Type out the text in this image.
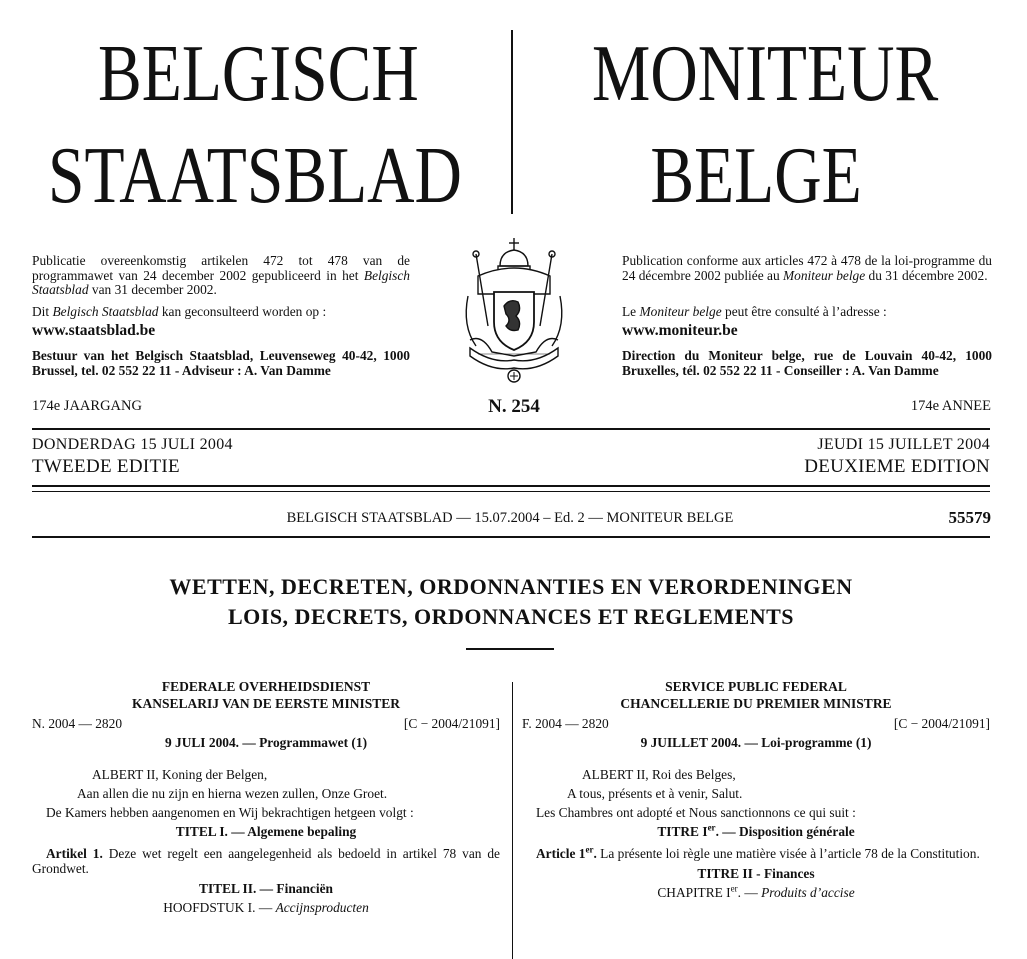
BELGISCH
STAATSBLAD
MONITEUR
BELGE
Publicatie overeenkomstig artikelen 472 tot 478 van de programmawet van 24 december 2002 gepubliceerd in het Belgisch Staatsblad van 31 december 2002.
Dit Belgisch Staatsblad kan geconsulteerd worden op :
www.staatsblad.be
Bestuur van het Belgisch Staatsblad, Leuvenseweg 40-42, 1000 Brussel, tel. 02 552 22 11 - Adviseur : A. Van Damme
174e JAARGANG	N. 254
Publication conforme aux articles 472 à 478 de la loi-programme du 24 décembre 2002 publiée au Moniteur belge du 31 décembre 2002.
Le Moniteur belge peut être consulté à l’adresse :
www.moniteur.be
Direction du Moniteur belge, rue de Louvain 40-42, 1000 Bruxelles, tél. 02 552 22 11 - Conseiller : A. Van Damme
174e ANNEE
DONDERDAG 15 JULI 2004
TWEEDE EDITIE
JEUDI 15 JUILLET 2004
DEUXIEME EDITION
BELGISCH STAATSBLAD — 15.07.2004 – Ed. 2 — MONITEUR BELGE	55579
WETTEN, DECRETEN, ORDONNANTIES EN VERORDENINGEN
LOIS, DECRETS, ORDONNANCES ET REGLEMENTS
FEDERALE OVERHEIDSDIENST
KANSELARIJ VAN DE EERSTE MINISTER
N. 2004 — 2820	[C − 2004/21091]
9 JULI 2004. — Programmawet (1)
ALBERT II, Koning der Belgen,
Aan allen die nu zijn en hierna wezen zullen, Onze Groet.
De Kamers hebben aangenomen en Wij bekrachtigen hetgeen volgt :
TITEL I. — Algemene bepaling
Artikel 1. Deze wet regelt een aangelegenheid als bedoeld in artikel 78 van de Grondwet.
TITEL II. — Financiën
HOOFDSTUK I. — Accijnsproducten
SERVICE PUBLIC FEDERAL
CHANCELLERIE DU PREMIER MINISTRE
F. 2004 — 2820	[C − 2004/21091]
9 JUILLET 2004. — Loi-programme (1)
ALBERT II, Roi des Belges,
A tous, présents et à venir, Salut.
Les Chambres ont adopté et Nous sanctionnons ce qui suit :
TITRE Ier. — Disposition générale
Article 1er. La présente loi règle une matière visée à l’article 78 de la Constitution.
TITRE II - Finances
CHAPITRE Ier. — Produits d’accise
